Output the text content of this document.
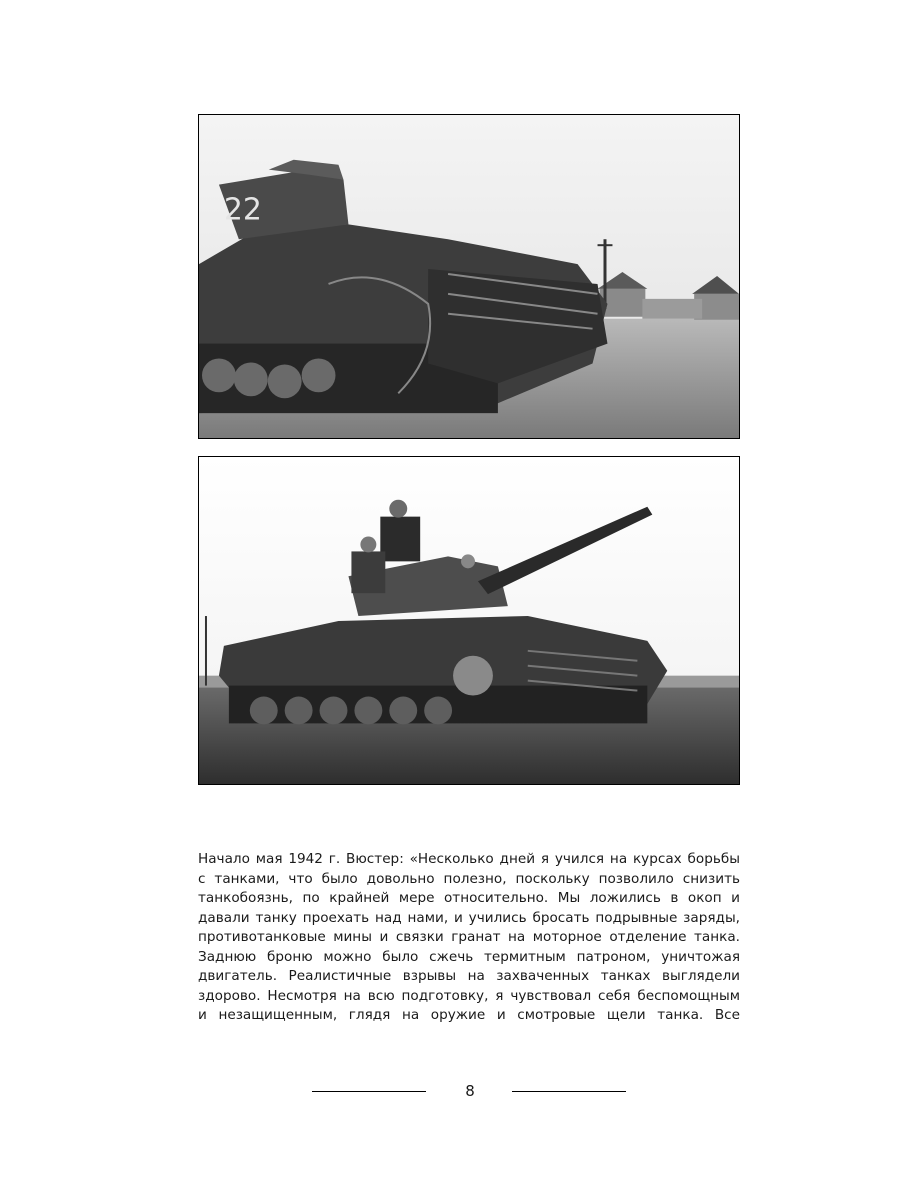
22
Начало мая 1942 г. Вюстер: «Несколько дней я учился на курсах борьбы
с танками, что было довольно полезно, поскольку позволило снизить
танкобоязнь, по крайней мере относительно. Мы ложились в окоп и
давали танку проехать над нами, и учились бросать подрывные заряды,
противотанковые мины и связки гранат на моторное отделение танка.
Заднюю броню можно было сжечь термитным патроном, уничтожая
двигатель. Реалистичные взрывы на захваченных танках выглядели
здорово. Несмотря на всю подготовку, я чувствовал себя беспомощным
и незащищенным, глядя на оружие и смотровые щели танка. Все
8
